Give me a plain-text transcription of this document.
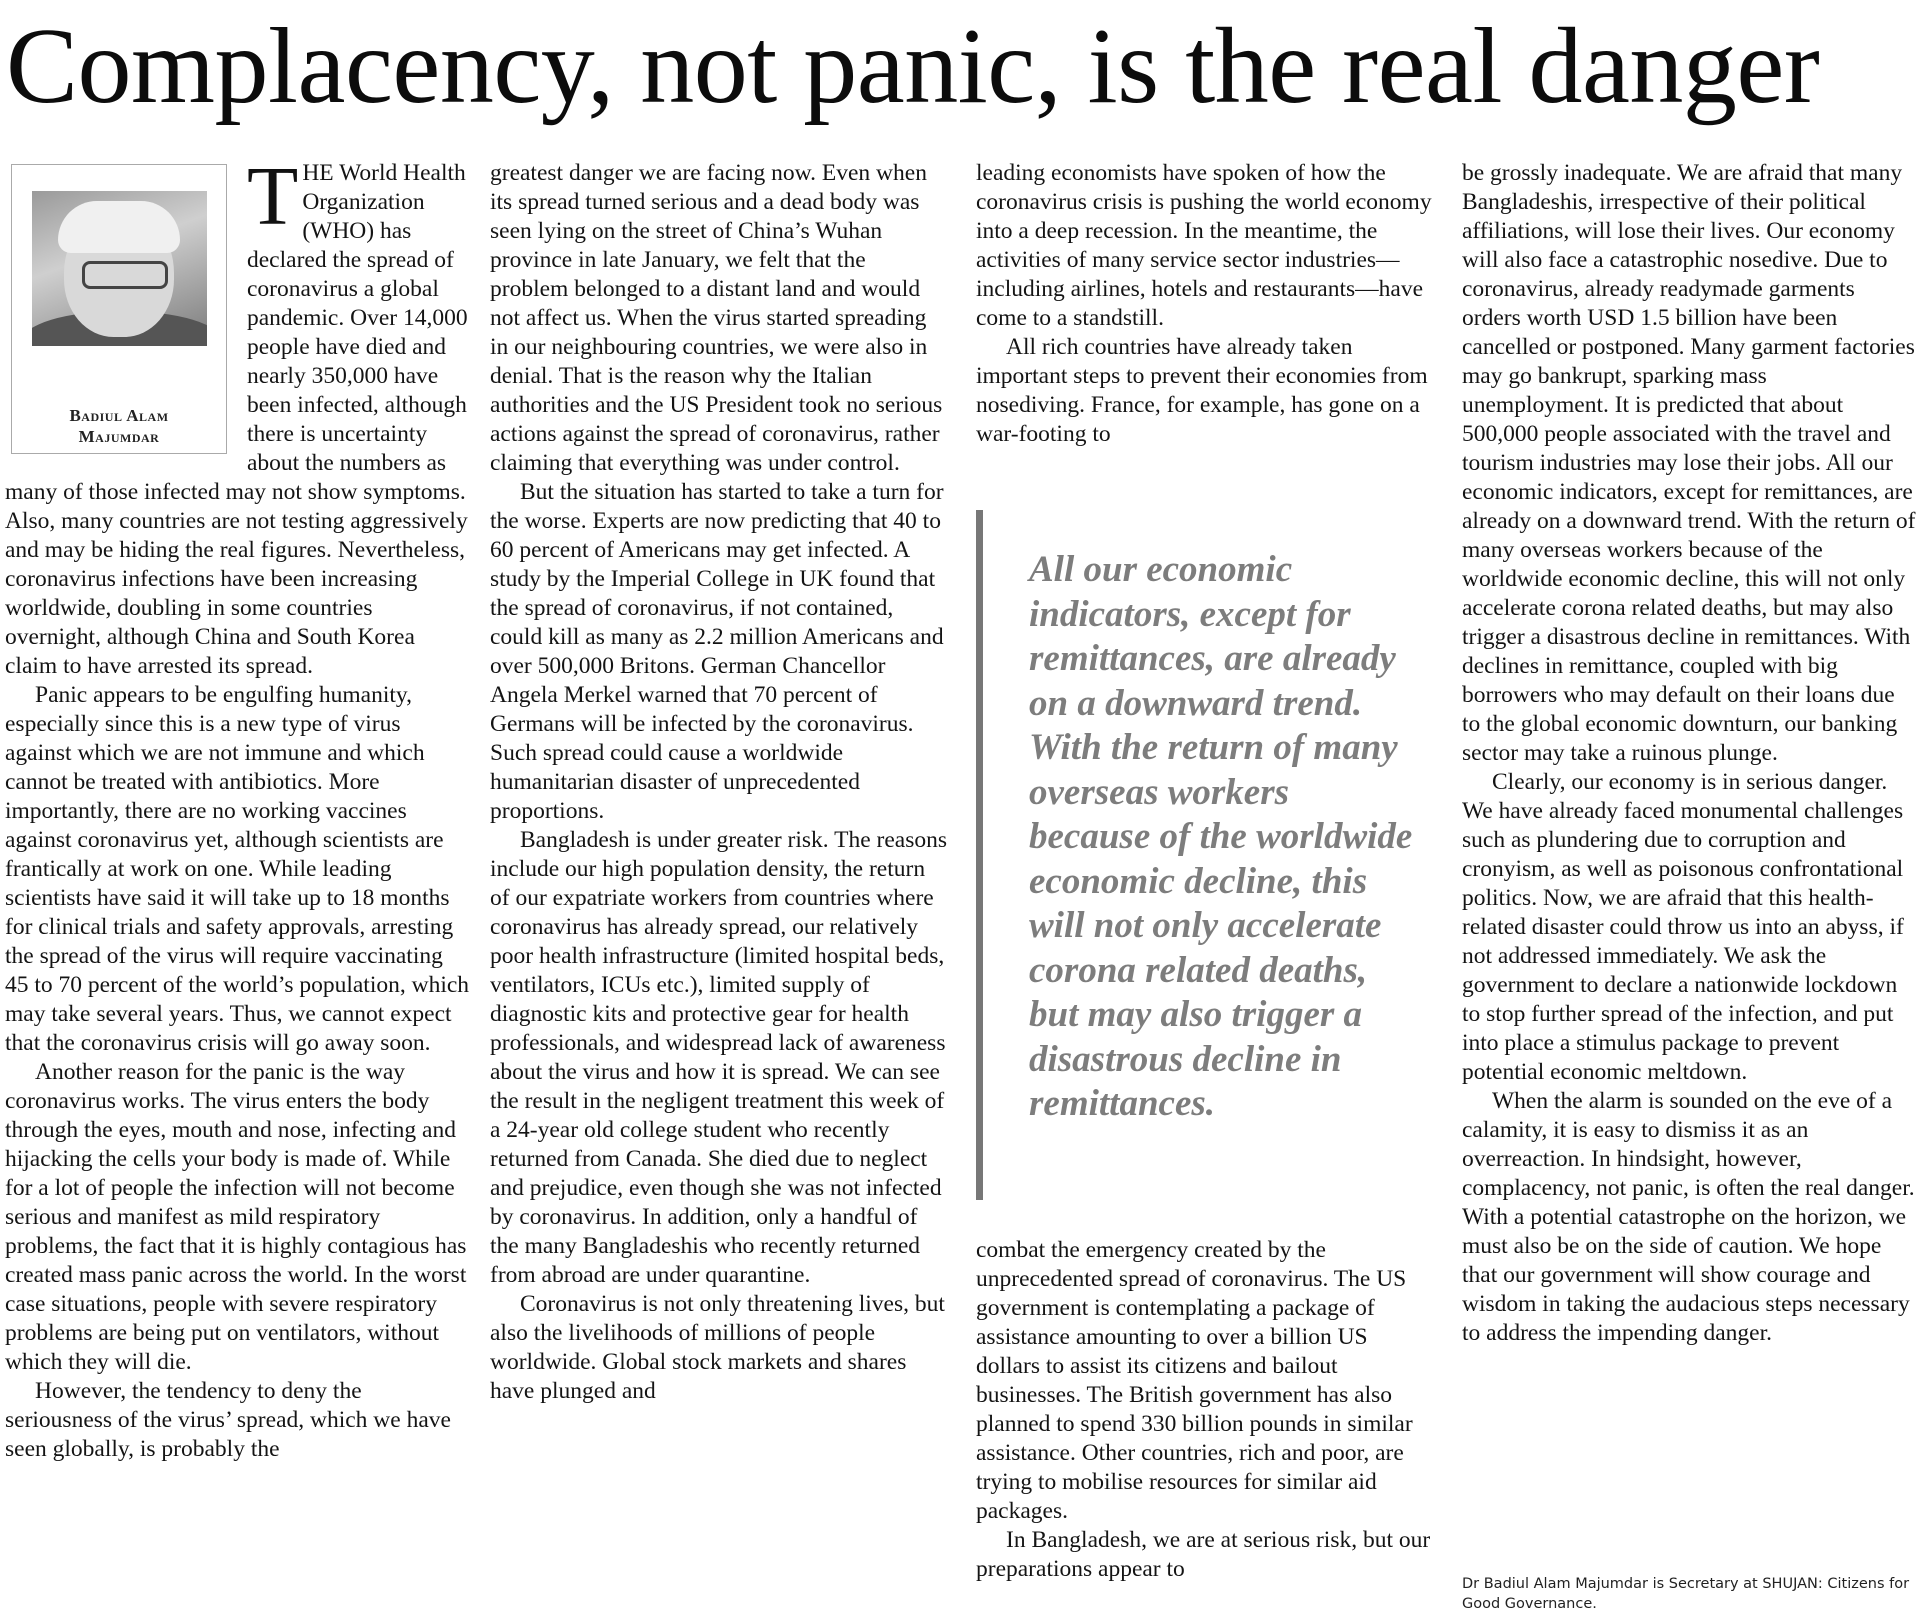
Complacency, not panic, is the real danger
Badiul Alam
Majumdar

THE World Health Organization (WHO) has declared the spread of coronavirus a global pandemic. Over 14,000 people have died and nearly 350,000 have been infected, although there is uncertainty about the numbers as many of those infected may not show symptoms. Also, many countries are not testing aggressively and may be hiding the real figures. Nevertheless, coronavirus infections have been increasing worldwide, doubling in some countries overnight, although China and South Korea claim to have arrested its spread.

Panic appears to be engulfing humanity, especially since this is a new type of virus against which we are not immune and which cannot be treated with antibiotics. More importantly, there are no working vaccines against coronavirus yet, although scientists are frantically at work on one. While leading scientists have said it will take up to 18 months for clinical trials and safety approvals, arresting the spread of the virus will require vaccinating 45 to 70 percent of the world’s population, which may take several years. Thus, we cannot expect that the coronavirus crisis will go away soon.

Another reason for the panic is the way coronavirus works. The virus enters the body through the eyes, mouth and nose, infecting and hijacking the cells your body is made of. While for a lot of people the infection will not become serious and manifest as mild respiratory problems, the fact that it is highly contagious has created mass panic across the world. In the worst case situations, people with severe respiratory problems are being put on ventilators, without which they will die.

However, the tendency to deny the seriousness of the virus’ spread, which we have seen globally, is probably the

greatest danger we are facing now. Even when its spread turned serious and a dead body was seen lying on the street of China’s Wuhan province in late January, we felt that the problem belonged to a distant land and would not affect us. When the virus started spreading in our neighbouring countries, we were also in denial. That is the reason why the Italian authorities and the US President took no serious actions against the spread of coronavirus, rather claiming that everything was under control.

But the situation has started to take a turn for the worse. Experts are now predicting that 40 to 60 percent of Americans may get infected. A study by the Imperial College in UK found that the spread of coronavirus, if not contained, could kill as many as 2.2 million Americans and over 500,000 Britons. German Chancellor Angela Merkel warned that 70 percent of Germans will be infected by the coronavirus. Such spread could cause a worldwide humanitarian disaster of unprecedented proportions.

Bangladesh is under greater risk. The reasons include our high population density, the return of our expatriate workers from countries where coronavirus has already spread, our relatively poor health infrastructure (limited hospital beds, ventilators, ICUs etc.), limited supply of diagnostic kits and protective gear for health professionals, and widespread lack of awareness about the virus and how it is spread. We can see the result in the negligent treatment this week of a 24-year old college student who recently returned from Canada. She died due to neglect and prejudice, even though she was not infected by coronavirus. In addition, only a handful of the many Bangladeshis who recently returned from abroad are under quarantine.

Coronavirus is not only threatening lives, but also the livelihoods of millions of people worldwide. Global stock markets and shares have plunged and

leading economists have spoken of how the coronavirus crisis is pushing the world economy into a deep recession. In the meantime, the activities of many service sector industries—including airlines, hotels and restaurants—have come to a standstill.

All rich countries have already taken important steps to prevent their economies from nosediving. France, for example, has gone on a war-footing to

All our economic indicators, except for remittances, are already on a downward trend. With the return of many overseas workers because of the worldwide economic decline, this will not only accelerate corona related deaths, but may also trigger a disastrous decline in remittances.

combat the emergency created by the unprecedented spread of coronavirus. The US government is contemplating a package of assistance amounting to over a billion US dollars to assist its citizens and bailout businesses. The British government has also planned to spend 330 billion pounds in similar assistance. Other countries, rich and poor, are trying to mobilise resources for similar aid packages.

In Bangladesh, we are at serious risk, but our preparations appear to

be grossly inadequate. We are afraid that many Bangladeshis, irrespective of their political affiliations, will lose their lives. Our economy will also face a catastrophic nosedive. Due to coronavirus, already readymade garments orders worth USD 1.5 billion have been cancelled or postponed. Many garment factories may go bankrupt, sparking mass unemployment. It is predicted that about 500,000 people associated with the travel and tourism industries may lose their jobs. All our economic indicators, except for remittances, are already on a downward trend. With the return of many overseas workers because of the worldwide economic decline, this will not only accelerate corona related deaths, but may also trigger a disastrous decline in remittances. With declines in remittance, coupled with big borrowers who may default on their loans due to the global economic downturn, our banking sector may take a ruinous plunge.

Clearly, our economy is in serious danger. We have already faced monumental challenges such as plundering due to corruption and cronyism, as well as poisonous confrontational politics. Now, we are afraid that this health-related disaster could throw us into an abyss, if not addressed immediately. We ask the government to declare a nationwide lockdown to stop further spread of the infection, and put into place a stimulus package to prevent potential economic meltdown.

When the alarm is sounded on the eve of a calamity, it is easy to dismiss it as an overreaction. In hindsight, however, complacency, not panic, is often the real danger. With a potential catastrophe on the horizon, we must also be on the side of caution. We hope that our government will show courage and wisdom in taking the audacious steps necessary to address the impending danger.

Dr Badiul Alam Majumdar is Secretary at SHUJAN: Citizens for Good Governance.
